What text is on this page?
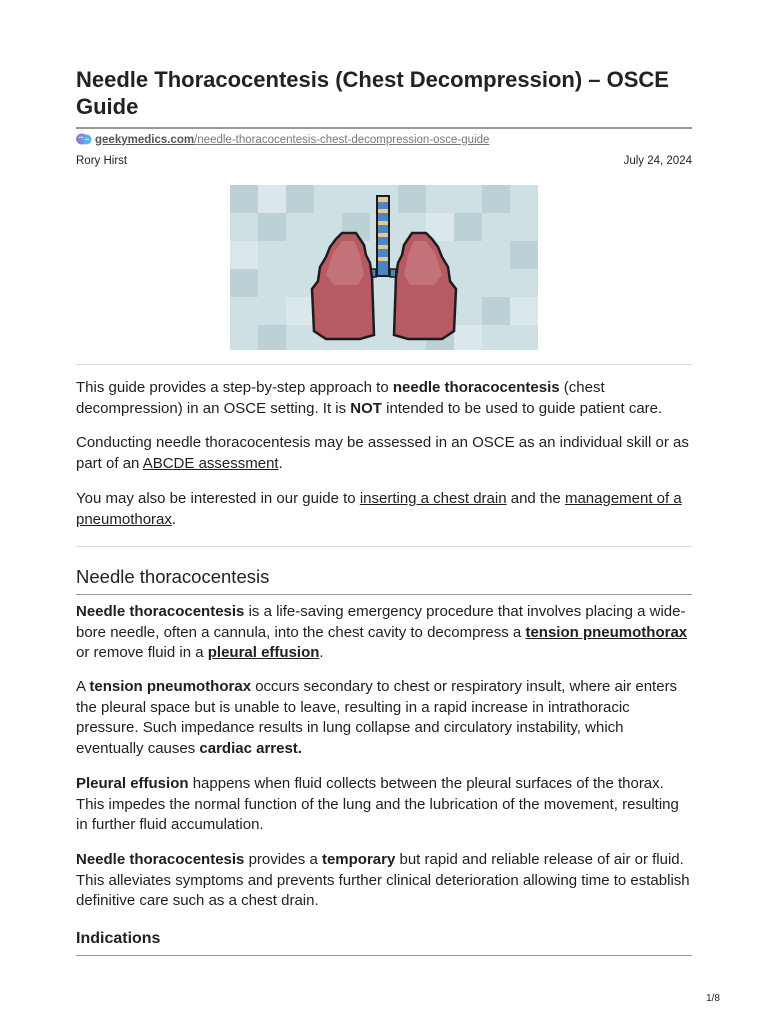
Needle Thoracocentesis (Chest Decompression) – OSCE Guide
geekymedics.com /needle-thoracocentesis-chest-decompression-osce-guide
Rory Hirst	July 24, 2024

This guide provides a step-by-step approach to needle thoracocentesis (chest decompression) in an OSCE setting. It is NOT intended to be used to guide patient care.

Conducting needle thoracocentesis may be assessed in an OSCE as an individual skill or as part of an ABCDE assessment.

You may also be interested in our guide to inserting a chest drain and the management of a pneumothorax.

Needle thoracocentesis

Needle thoracocentesis is a life-saving emergency procedure that involves placing a wide-bore needle, often a cannula, into the chest cavity to decompress a tension pneumothorax or remove fluid in a pleural effusion.

A tension pneumothorax occurs secondary to chest or respiratory insult, where air enters the pleural space but is unable to leave, resulting in a rapid increase in intrathoracic pressure. Such impedance results in lung collapse and circulatory instability, which eventually causes cardiac arrest.

Pleural effusion happens when fluid collects between the pleural surfaces of the thorax. This impedes the normal function of the lung and the lubrication of the movement, resulting in further fluid accumulation.

Needle thoracocentesis provides a temporary but rapid and reliable release of air or fluid. This alleviates symptoms and prevents further clinical deterioration allowing time to establish definitive care such as a chest drain.

Indications
1/8
